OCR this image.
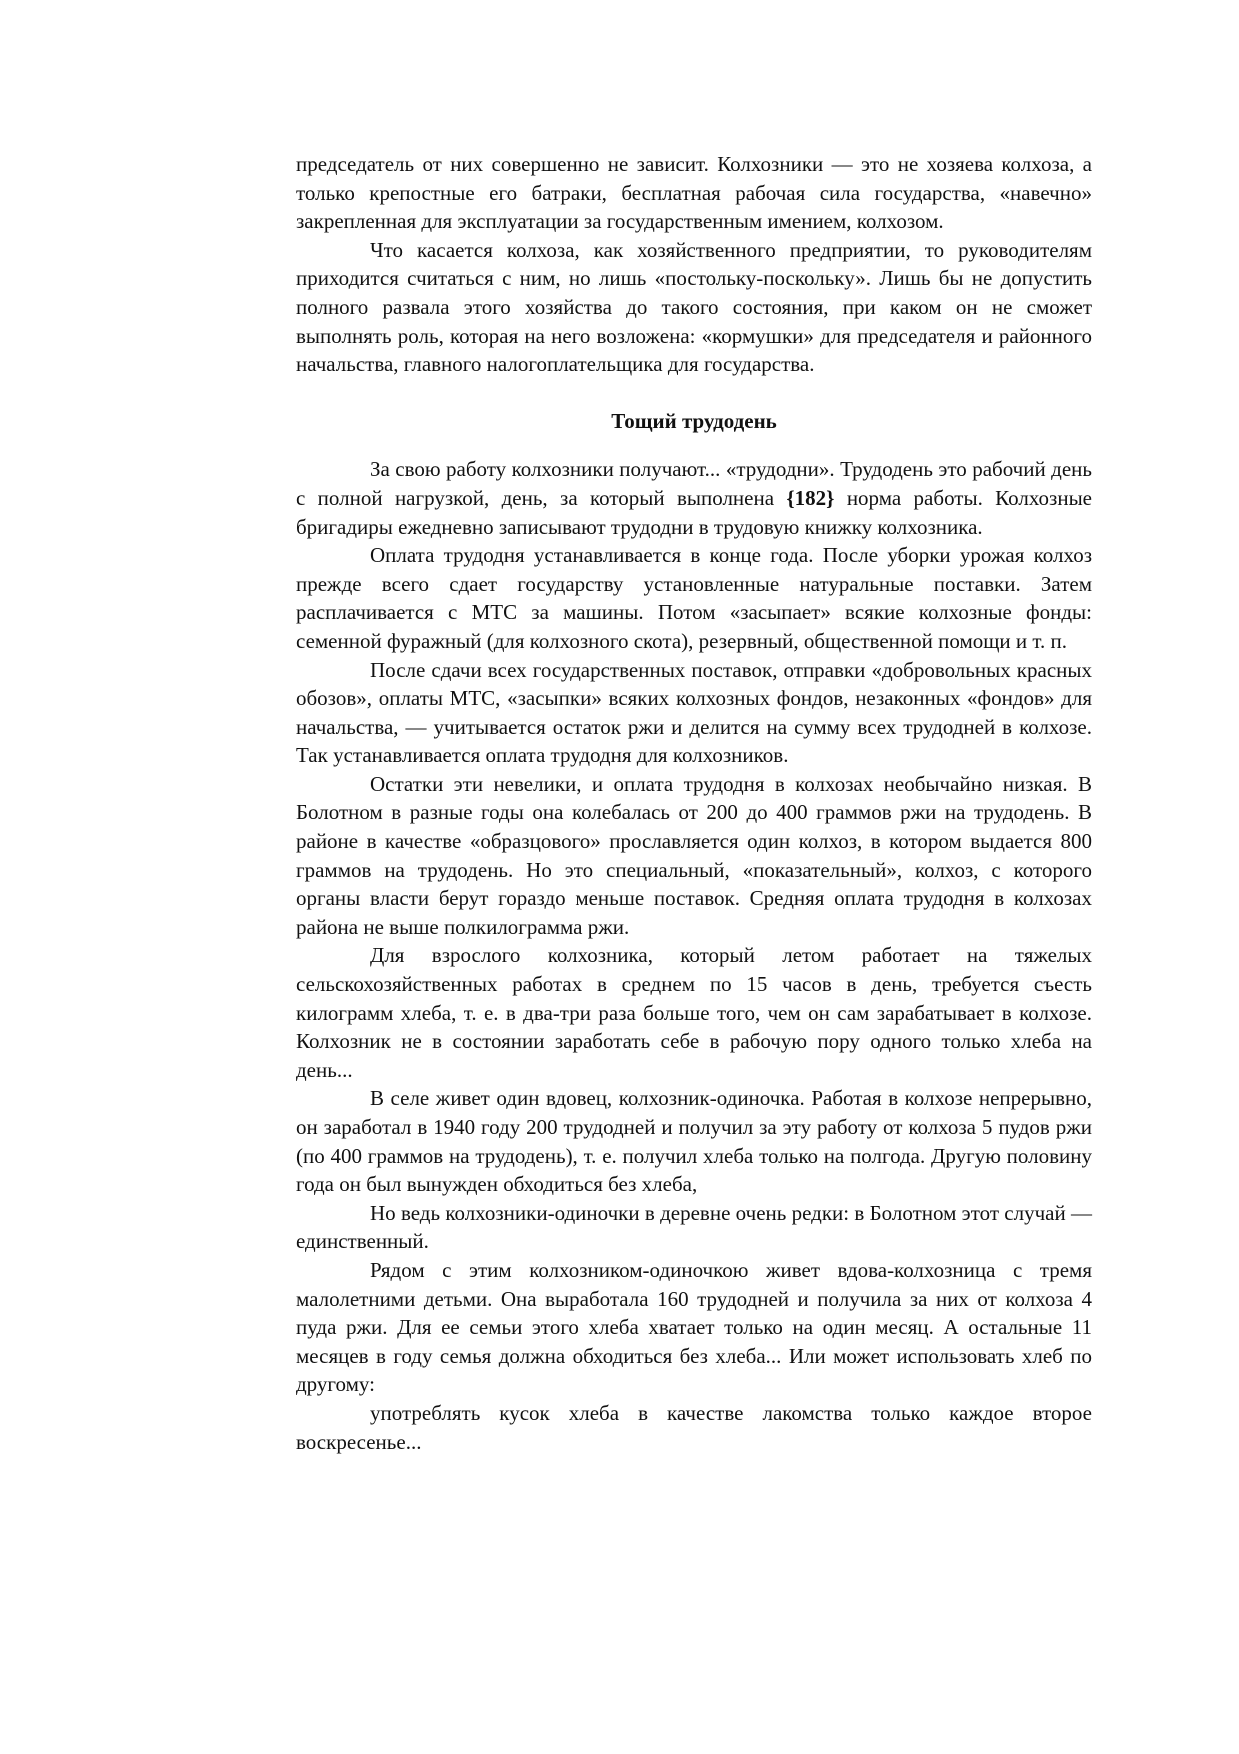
председатель от них совершенно не зависит. Колхозники — это не хозяева колхоза, а только крепостные его батраки, бесплатная рабочая сила государства, «навечно» закрепленная для эксплуатации за государственным имением, колхозом.

Что касается колхоза, как хозяйственного предприятии, то руководителям приходится считаться с ним, но лишь «постольку-поскольку». Лишь бы не допустить полного развала этого хозяйства до такого состояния, при каком он не сможет выполнять роль, которая на него возложена: «кормушки» для председателя и районного начальства, главного налогоплательщика для государства.

Тощий трудодень

За свою работу колхозники получают... «трудодни». Трудодень это рабочий день с полной нагрузкой, день, за который выполнена {182} норма работы. Колхозные бригадиры ежедневно записывают трудодни в трудовую книжку колхозника.

Оплата трудодня устанавливается в конце года. После уборки урожая колхоз прежде всего сдает государству установленные натуральные поставки. Затем расплачивается с МТС за машины. Потом «засыпает» всякие колхозные фонды: семенной фуражный (для колхозного скота), резервный, общественной помощи и т. п.

После сдачи всех государственных поставок, отправки «добровольных красных обозов», оплаты МТС, «засыпки» всяких колхозных фондов, незаконных «фондов» для начальства, — учитывается остаток ржи и делится на сумму всех трудодней в колхозе. Так устанавливается оплата трудодня для колхозников.

Остатки эти невелики, и оплата трудодня в колхозах необычайно низкая. В Болотном в разные годы она колебалась от 200 до 400 граммов ржи на трудодень. В районе в качестве «образцового» прославляется один колхоз, в котором выдается 800 граммов на трудодень. Но это специальный, «показательный», колхоз, с которого органы власти берут гораздо меньше поставок. Средняя оплата трудодня в колхозах района не выше полкилограмма ржи.

Для взрослого колхозника, который летом работает на тяжелых сельскохозяйственных работах в среднем по 15 часов в день, требуется съесть килограмм хлеба, т. е. в два-три раза больше того, чем он сам зарабатывает в колхозе. Колхозник не в состоянии заработать себе в рабочую пору одного только хлеба на день...

В селе живет один вдовец, колхозник-одиночка. Работая в колхозе непрерывно, он заработал в 1940 году 200 трудодней и получил за эту работу от колхоза 5 пудов ржи (по 400 граммов на трудодень), т. е. получил хлеба только на полгода. Другую половину года он был вынужден обходиться без хлеба,

Но ведь колхозники-одиночки в деревне очень редки: в Болотном этот случай — единственный.

Рядом с этим колхозником-одиночкою живет вдова-колхозница с тремя малолетними детьми. Она выработала 160 трудодней и получила за них от колхоза 4 пуда ржи. Для ее семьи этого хлеба хватает только на один месяц. А остальные 11 месяцев в году семья должна обходиться без хлеба... Или может использовать хлеб по другому:

употреблять кусок хлеба в качестве лакомства только каждое второе воскресенье...
